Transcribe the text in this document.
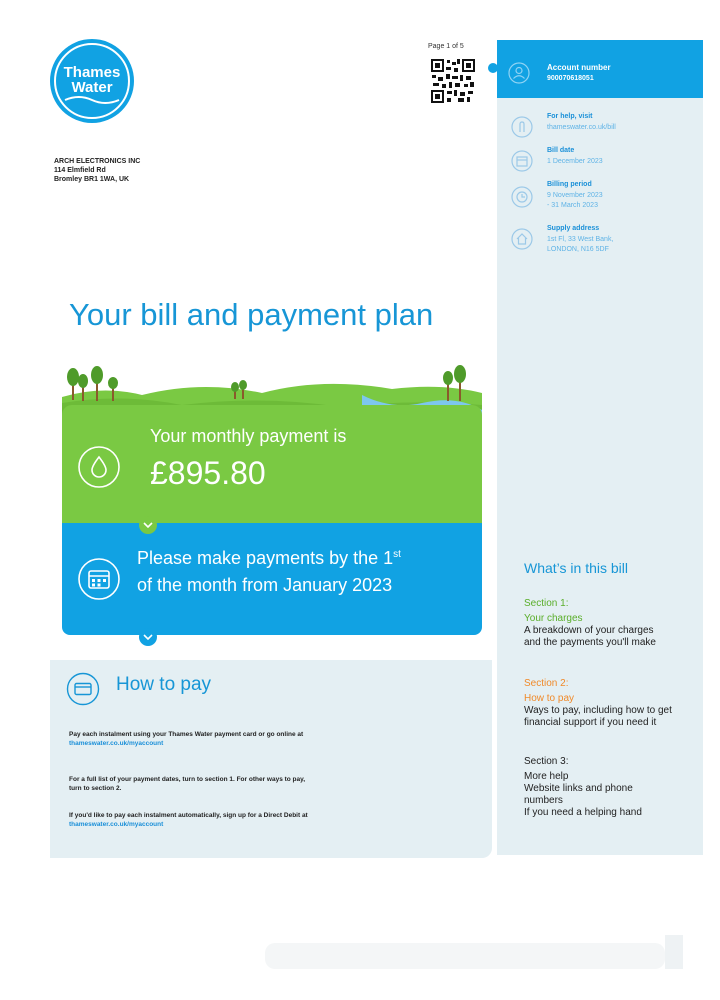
Thames
Water
ARCH ELECTRONICS INC
114 Elmfield Rd
Bromley BR1 1WA, UK
Page 1 of 5
Account number
900070618051
For help, visit
thameswater.co.uk/bill
Bill date
1 December 2023
Billing period
9 November 2023
- 31 March 2023
Supply address
1st Fl, 33 West Bank,
LONDON, N16 5DF
Your bill and payment plan
Your monthly payment is
£895.80
Please make payments by the 1st
of the month from January 2023
How to pay
Pay each instalment using your Thames Water payment card or go online at
thameswater.co.uk/myaccount
For a full list of your payment dates, turn to section 1. For other ways to pay,
turn to section 2.
If you'd like to pay each instalment automatically, sign up for a Direct Debit at
thameswater.co.uk/myaccount
What’s in this bill
Section 1:
Your charges
A breakdown of your charges
and the payments you'll make
Section 2:
How to pay
Ways to pay, including how to get
financial support if you need it
Section 3:
More help
Website links and phone
numbers
If you need a helping hand
